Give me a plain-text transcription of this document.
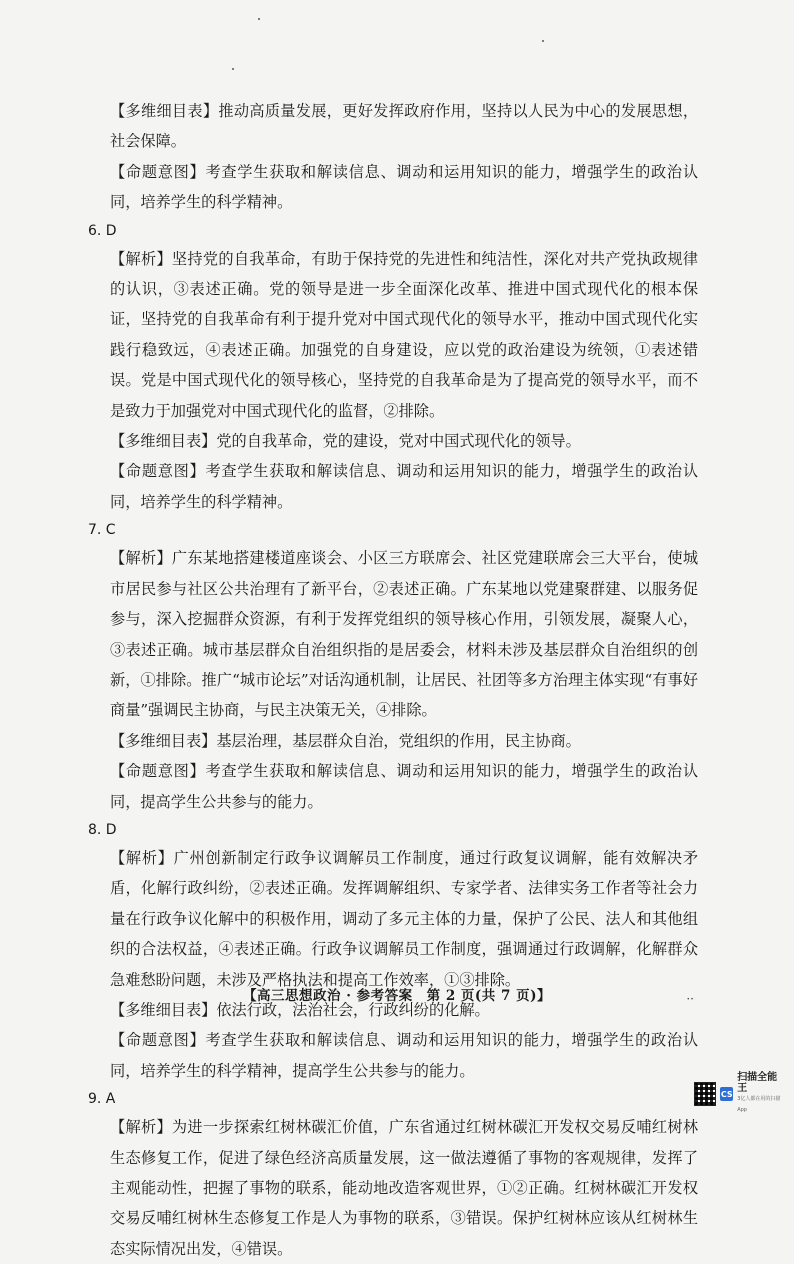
【多维细目表】推动高质量发展，更好发挥政府作用，坚持以人民为中心的发展思想，社会保障。

【命题意图】考查学生获取和解读信息、调动和运用知识的能力，增强学生的政治认同，培养学生的科学精神。

6. D

【解析】坚持党的自我革命，有助于保持党的先进性和纯洁性，深化对共产党执政规律的认识，③表述正确。党的领导是进一步全面深化改革、推进中国式现代化的根本保证，坚持党的自我革命有利于提升党对中国式现代化的领导水平，推动中国式现代化实践行稳致远，④表述正确。加强党的自身建设，应以党的政治建设为统领，①表述错误。党是中国式现代化的领导核心，坚持党的自我革命是为了提高党的领导水平，而不是致力于加强党对中国式现代化的监督，②排除。

【多维细目表】党的自我革命，党的建设，党对中国式现代化的领导。

【命题意图】考查学生获取和解读信息、调动和运用知识的能力，增强学生的政治认同，培养学生的科学精神。

7. C

【解析】广东某地搭建楼道座谈会、小区三方联席会、社区党建联席会三大平台，使城市居民参与社区公共治理有了新平台，②表述正确。广东某地以党建聚群建、以服务促参与，深入挖掘群众资源，有利于发挥党组织的领导核心作用，引领发展，凝聚人心，③表述正确。城市基层群众自治组织指的是居委会，材料未涉及基层群众自治组织的创新，①排除。推广“城市论坛”对话沟通机制，让居民、社团等多方治理主体实现“有事好商量”强调民主协商，与民主决策无关，④排除。

【多维细目表】基层治理，基层群众自治，党组织的作用，民主协商。

【命题意图】考查学生获取和解读信息、调动和运用知识的能力，增强学生的政治认同，提高学生公共参与的能力。

8. D

【解析】广州创新制定行政争议调解员工作制度，通过行政复议调解，能有效解决矛盾，化解行政纠纷，②表述正确。发挥调解组织、专家学者、法律实务工作者等社会力量在行政争议化解中的积极作用，调动了多元主体的力量，保护了公民、法人和其他组织的合法权益，④表述正确。行政争议调解员工作制度，强调通过行政调解，化解群众急难愁盼问题，未涉及严格执法和提高工作效率，①③排除。

【多维细目表】依法行政，法治社会，行政纠纷的化解。

【命题意图】考查学生获取和解读信息、调动和运用知识的能力，增强学生的政治认同，培养学生的科学精神，提高学生公共参与的能力。

9. A

【解析】为进一步探索红树林碳汇价值，广东省通过红树林碳汇开发权交易反哺红树林生态修复工作，促进了绿色经济高质量发展，这一做法遵循了事物的客观规律，发挥了主观能动性，把握了事物的联系，能动地改造客观世界，①②正确。红树林碳汇开发权交易反哺红树林生态修复工作是人为事物的联系，③错误。保护红树林应该从红树林生态实际情况出发，④错误。

【高三思想政治 · 参考答案　第 2 页(共 7 页)】	··
CS
扫描全能王
3亿人都在用的扫描App
